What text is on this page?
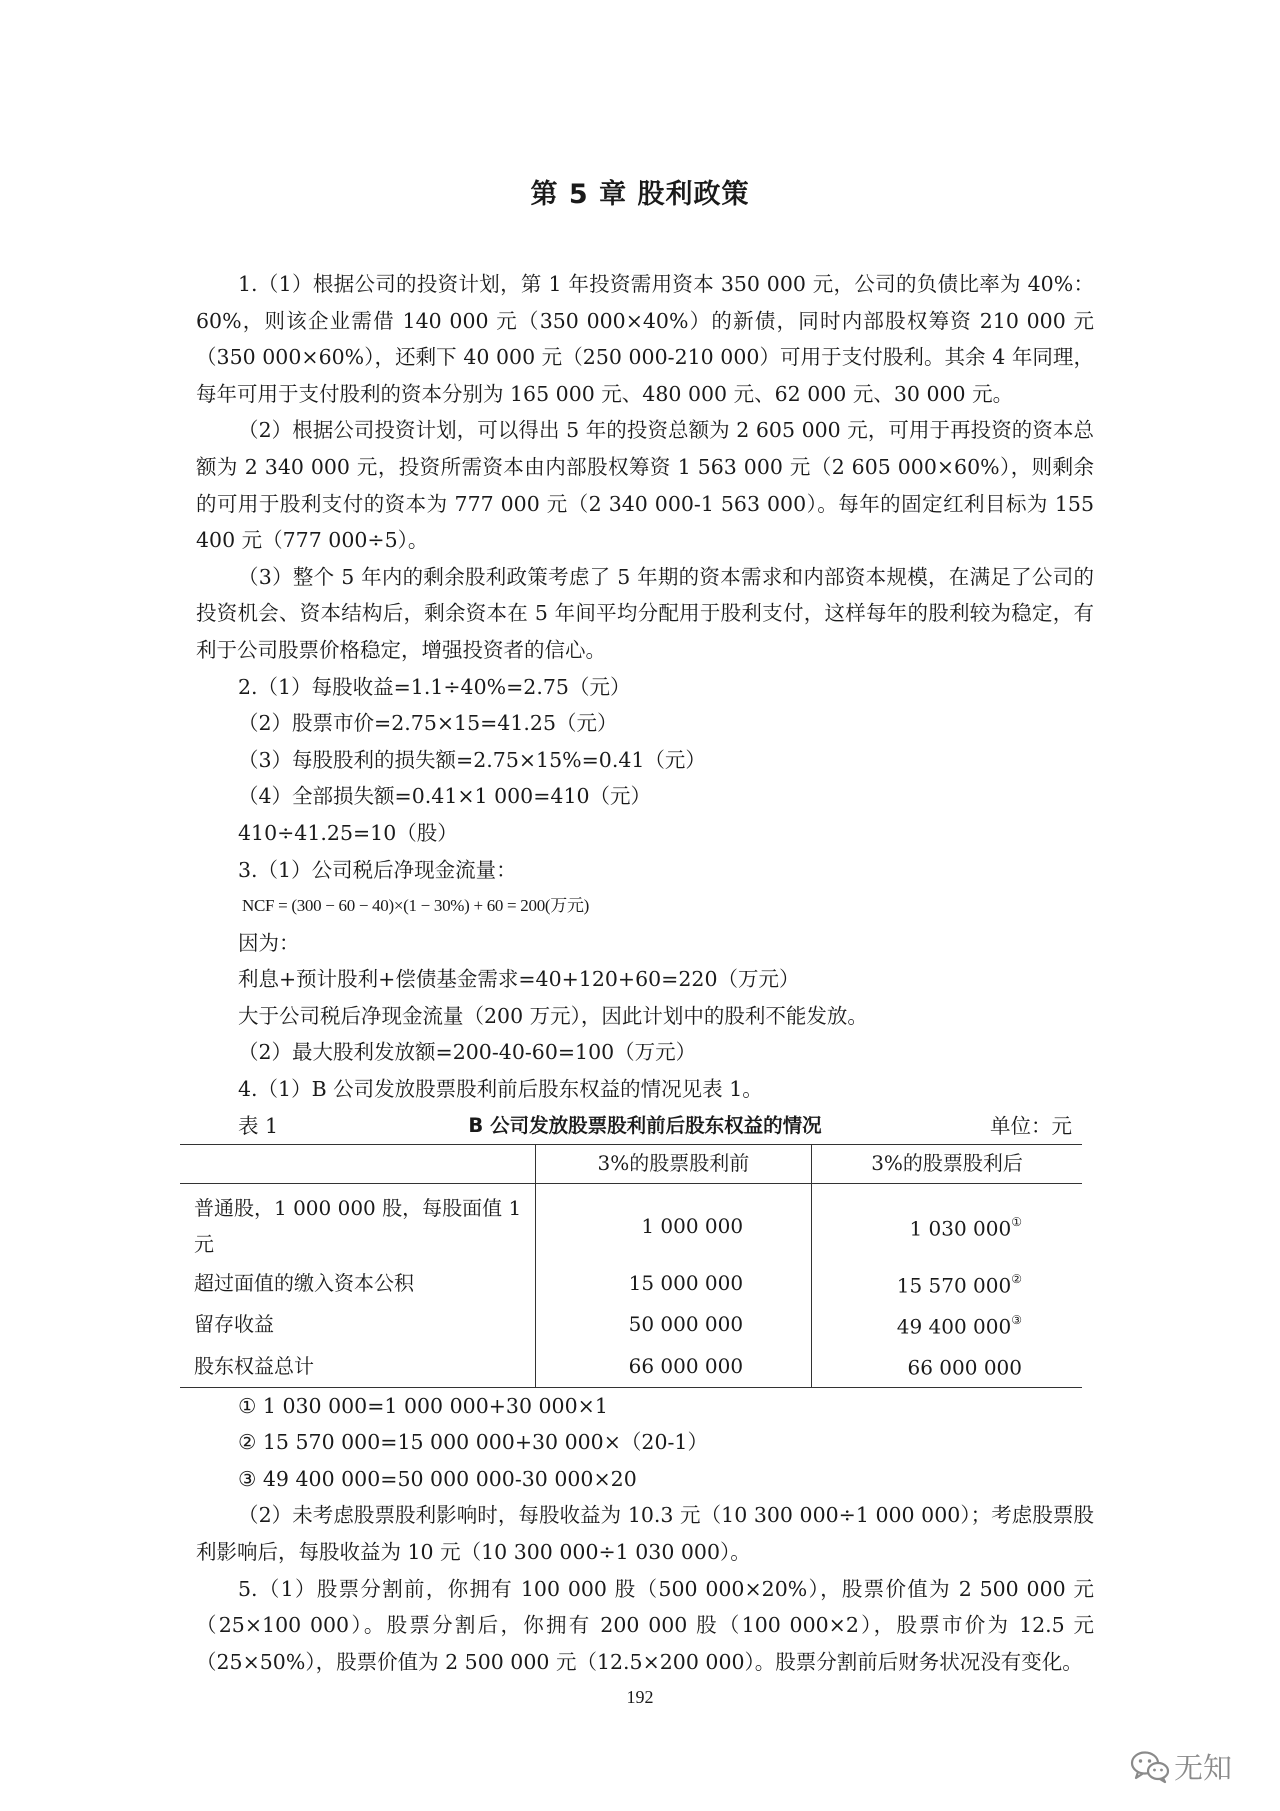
第 5 章 股利政策

1.（1）根据公司的投资计划，第 1 年投资需用资本 350 000 元，公司的负债比率为 40%：60%，则该企业需借 140 000 元（350 000×40%）的新债，同时内部股权筹资 210 000 元（350 000×60%），还剩下 40 000 元（250 000-210 000）可用于支付股利。其余 4 年同理，每年可用于支付股利的资本分别为 165 000 元、480 000 元、62 000 元、30 000 元。

（2）根据公司投资计划，可以得出 5 年的投资总额为 2 605 000 元，可用于再投资的资本总额为 2 340 000 元，投资所需资本由内部股权筹资 1 563 000 元（2 605 000×60%），则剩余的可用于股利支付的资本为 777 000 元（2 340 000-1 563 000）。每年的固定红利目标为 155 400 元（777 000÷5）。

（3）整个 5 年内的剩余股利政策考虑了 5 年期的资本需求和内部资本规模，在满足了公司的投资机会、资本结构后，剩余资本在 5 年间平均分配用于股利支付，这样每年的股利较为稳定，有利于公司股票价格稳定，增强投资者的信心。

2.（1）每股收益=1.1÷40%=2.75（元）
（2）股票市价=2.75×15=41.25（元）
（3）每股股利的损失额=2.75×15%=0.41（元）
（4）全部损失额=0.41×1 000=410（元）
410÷41.25=10（股）
3.（1）公司税后净现金流量：
NCF = (300 − 60 − 40)×(1 − 30%) + 60 = 200(万元)
因为：
利息+预计股利+偿债基金需求=40+120+60=220（万元）
大于公司税后净现金流量（200 万元），因此计划中的股利不能发放。
（2）最大股利发放额=200-40-60=100（万元）
4.（1）B 公司发放股票股利前后股东权益的情况见表 1。
表 1	B 公司发放股票股利前后股东权益的情况	单位：元

	3%的股票股利前	3%的股票股利后
普通股，1 000 000 股，每股面值 1 元	1 000 000	1 030 000①
超过面值的缴入资本公积	15 000 000	15 570 000②
留存收益	50 000 000	49 400 000③
股东权益总计	66 000 000	66 000 000
① 1 030 000=1 000 000+30 000×1
② 15 570 000=15 000 000+30 000×（20-1）
③ 49 400 000=50 000 000-30 000×20

（2）未考虑股票股利影响时，每股收益为 10.3 元（10 300 000÷1 000 000）；考虑股票股利影响后，每股收益为 10 元（10 300 000÷1 030 000）。

5.（1）股票分割前，你拥有 100 000 股（500 000×20%），股票价值为 2 500 000 元（25×100 000）。股票分割后，你拥有 200 000 股（100 000×2），股票市价为 12.5 元（25×50%），股票价值为 2 500 000 元（12.5×200 000）。股票分割前后财务状况没有变化。

192
无知
